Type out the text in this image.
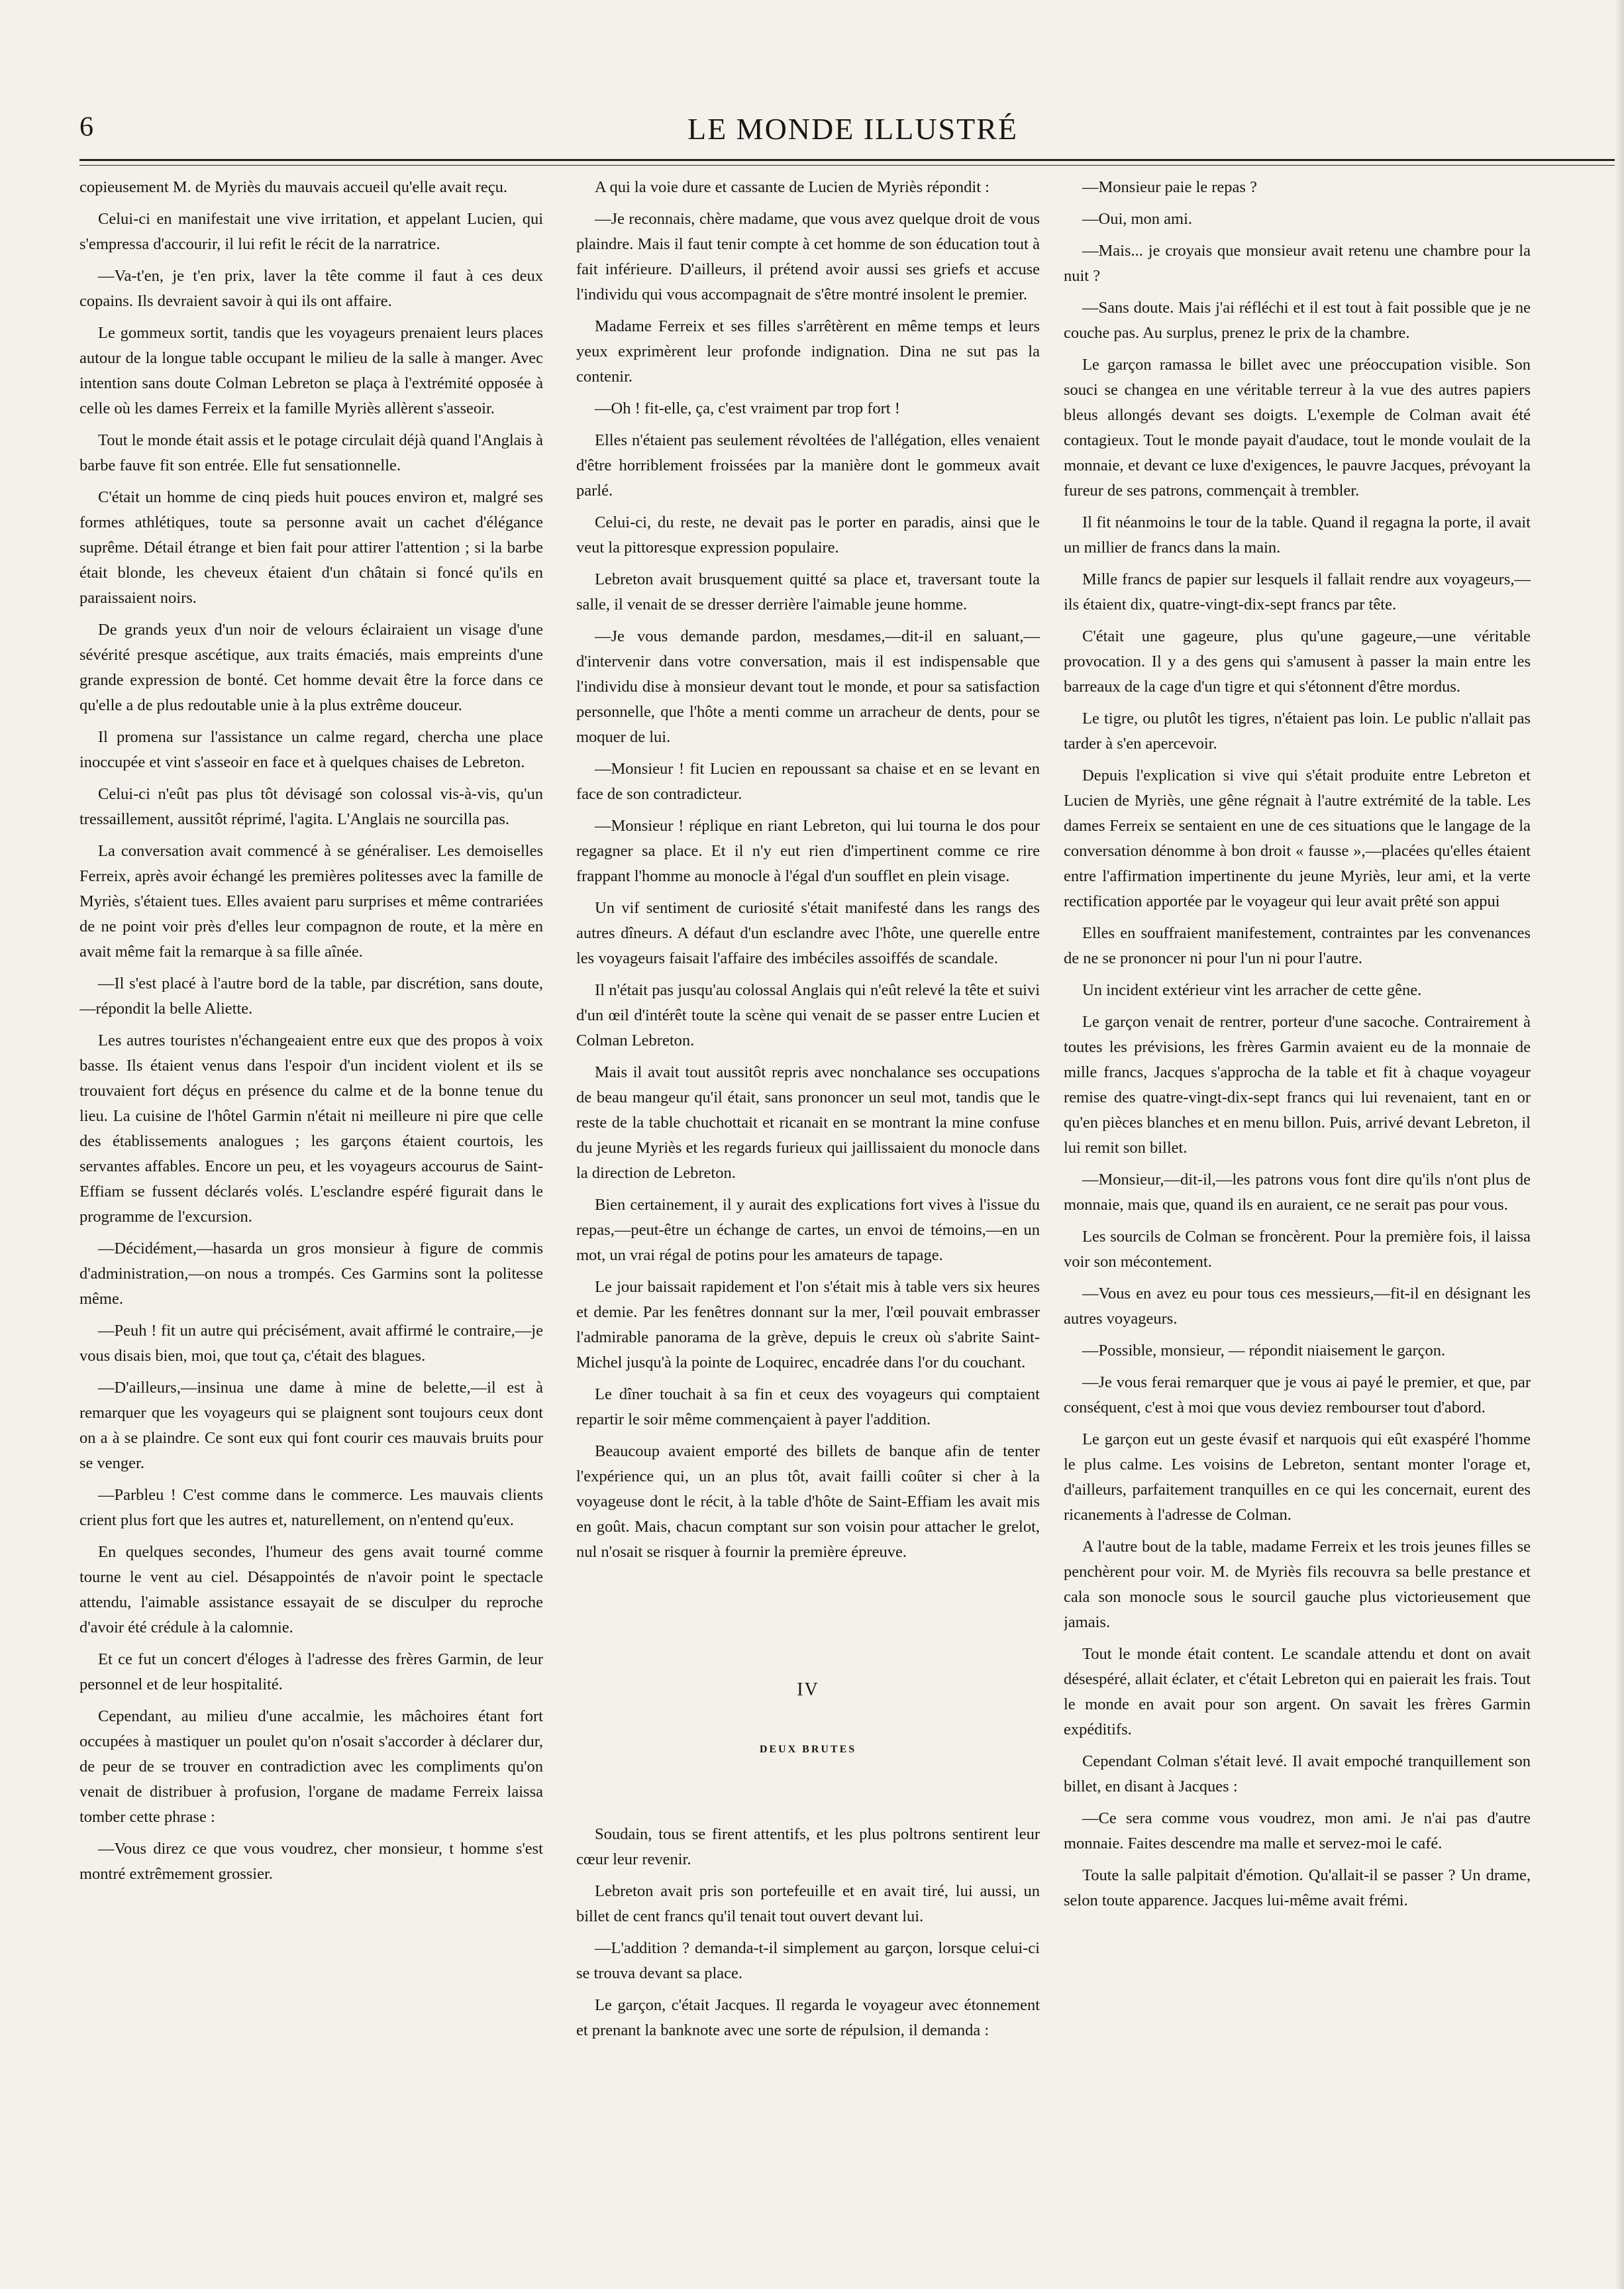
6	LE MONDE ILLUSTRÉ

copieusement M. de Myriès du mauvais accueil qu'elle avait reçu.

Celui-ci en manifestait une vive irritation, et appelant Lucien, qui s'empressa d'accourir, il lui refit le récit de la narratrice.

—Va-t'en, je t'en prix, laver la tête comme il faut à ces deux copains. Ils devraient savoir à qui ils ont affaire.

Le gommeux sortit, tandis que les voyageurs prenaient leurs places autour de la longue table occupant le milieu de la salle à manger. Avec intention sans doute Colman Lebreton se plaça à l'extrémité opposée à celle où les dames Ferreix et la famille Myriès allèrent s'asseoir.

Tout le monde était assis et le potage circulait déjà quand l'Anglais à barbe fauve fit son entrée. Elle fut sensationnelle.

C'était un homme de cinq pieds huit pouces environ et, malgré ses formes athlétiques, toute sa personne avait un cachet d'élégance suprême. Détail étrange et bien fait pour attirer l'attention ; si la barbe était blonde, les cheveux étaient d'un châtain si foncé qu'ils en paraissaient noirs.

De grands yeux d'un noir de velours éclairaient un visage d'une sévérité presque ascétique, aux traits émaciés, mais empreints d'une grande expression de bonté. Cet homme devait être la force dans ce qu'elle a de plus redoutable unie à la plus extrême douceur.

Il promena sur l'assistance un calme regard, chercha une place inoccupée et vint s'asseoir en face et à quelques chaises de Lebreton.

Celui-ci n'eût pas plus tôt dévisagé son colossal vis-à-vis, qu'un tressaillement, aussitôt réprimé, l'agita. L'Anglais ne sourcilla pas.

La conversation avait commencé à se généraliser. Les demoiselles Ferreix, après avoir échangé les premières politesses avec la famille de Myriès, s'étaient tues. Elles avaient paru surprises et même contrariées de ne point voir près d'elles leur compagnon de route, et la mère en avait même fait la remarque à sa fille aînée.

—Il s'est placé à l'autre bord de la table, par discrétion, sans doute,—répondit la belle Aliette.

Les autres touristes n'échangeaient entre eux que des propos à voix basse. Ils étaient venus dans l'espoir d'un incident violent et ils se trouvaient fort déçus en présence du calme et de la bonne tenue du lieu. La cuisine de l'hôtel Garmin n'était ni meilleure ni pire que celle des établissements analogues ; les garçons étaient courtois, les servantes affables. Encore un peu, et les voyageurs accourus de Saint-Effiam se fussent déclarés volés. L'esclandre espéré figurait dans le programme de l'excursion.

—Décidément,—hasarda un gros monsieur à figure de commis d'administration,—on nous a trompés. Ces Garmins sont la politesse même.

—Peuh ! fit un autre qui précisément, avait affirmé le contraire,—je vous disais bien, moi, que tout ça, c'était des blagues.

—D'ailleurs,—insinua une dame à mine de belette,—il est à remarquer que les voyageurs qui se plaignent sont toujours ceux dont on a à se plaindre. Ce sont eux qui font courir ces mauvais bruits pour se venger.

—Parbleu ! C'est comme dans le commerce. Les mauvais clients crient plus fort que les autres et, naturellement, on n'entend qu'eux.

En quelques secondes, l'humeur des gens avait tourné comme tourne le vent au ciel. Désappointés de n'avoir point le spectacle attendu, l'aimable assistance essayait de se disculper du reproche d'avoir été crédule à la calomnie.

Et ce fut un concert d'éloges à l'adresse des frères Garmin, de leur personnel et de leur hospitalité.

Cependant, au milieu d'une accalmie, les mâchoires étant fort occupées à mastiquer un poulet qu'on n'osait s'accorder à déclarer dur, de peur de se trouver en contradiction avec les compliments qu'on venait de distribuer à profusion, l'organe de madame Ferreix laissa tomber cette phrase :

—Vous direz ce que vous voudrez, cher monsieur, t homme s'est montré extrêmement grossier.

A qui la voie dure et cassante de Lucien de Myriès répondit :

—Je reconnais, chère madame, que vous avez quelque droit de vous plaindre. Mais il faut tenir compte à cet homme de son éducation tout à fait inférieure. D'ailleurs, il prétend avoir aussi ses griefs et accuse l'individu qui vous accompagnait de s'être montré insolent le premier.

Madame Ferreix et ses filles s'arrêtèrent en même temps et leurs yeux exprimèrent leur profonde indignation. Dina ne sut pas la contenir.

—Oh ! fit-elle, ça, c'est vraiment par trop fort !

Elles n'étaient pas seulement révoltées de l'allégation, elles venaient d'être horriblement froissées par la manière dont le gommeux avait parlé.

Celui-ci, du reste, ne devait pas le porter en paradis, ainsi que le veut la pittoresque expression populaire.

Lebreton avait brusquement quitté sa place et, traversant toute la salle, il venait de se dresser derrière l'aimable jeune homme.

—Je vous demande pardon, mesdames,—dit-il en saluant,—d'intervenir dans votre conversation, mais il est indispensable que l'individu dise à monsieur devant tout le monde, et pour sa satisfaction personnelle, que l'hôte a menti comme un arracheur de dents, pour se moquer de lui.

—Monsieur ! fit Lucien en repoussant sa chaise et en se levant en face de son contradicteur.

—Monsieur ! réplique en riant Lebreton, qui lui tourna le dos pour regagner sa place. Et il n'y eut rien d'impertinent comme ce rire frappant l'homme au monocle à l'égal d'un soufflet en plein visage.

Un vif sentiment de curiosité s'était manifesté dans les rangs des autres dîneurs. A défaut d'un esclandre avec l'hôte, une querelle entre les voyageurs faisait l'affaire des imbéciles assoiffés de scandale.

Il n'était pas jusqu'au colossal Anglais qui n'eût relevé la tête et suivi d'un œil d'intérêt toute la scène qui venait de se passer entre Lucien et Colman Lebreton.

Mais il avait tout aussitôt repris avec nonchalance ses occupations de beau mangeur qu'il était, sans prononcer un seul mot, tandis que le reste de la table chuchottait et ricanait en se montrant la mine confuse du jeune Myriès et les regards furieux qui jaillissaient du monocle dans la direction de Lebreton.

Bien certainement, il y aurait des explications fort vives à l'issue du repas,—peut-être un échange de cartes, un envoi de témoins,—en un mot, un vrai régal de potins pour les amateurs de tapage.

Le jour baissait rapidement et l'on s'était mis à table vers six heures et demie. Par les fenêtres donnant sur la mer, l'œil pouvait embrasser l'admirable panorama de la grève, depuis le creux où s'abrite Saint-Michel jusqu'à la pointe de Loquirec, encadrée dans l'or du couchant.

Le dîner touchait à sa fin et ceux des voyageurs qui comptaient repartir le soir même commençaient à payer l'addition.

Beaucoup avaient emporté des billets de banque afin de tenter l'expérience qui, un an plus tôt, avait failli coûter si cher à la voyageuse dont le récit, à la table d'hôte de Saint-Effiam les avait mis en goût. Mais, chacun comptant sur son voisin pour attacher le grelot, nul n'osait se risquer à fournir la première épreuve.

IV
DEUX BRUTES

Soudain, tous se firent attentifs, et les plus poltrons sentirent leur cœur leur revenir.

Lebreton avait pris son portefeuille et en avait tiré, lui aussi, un billet de cent francs qu'il tenait tout ouvert devant lui.

—L'addition ? demanda-t-il simplement au garçon, lorsque celui-ci se trouva devant sa place.

Le garçon, c'était Jacques. Il regarda le voyageur avec étonnement et prenant la banknote avec une sorte de répulsion, il demanda :

—Monsieur paie le repas ?

—Oui, mon ami.

—Mais... je croyais que monsieur avait retenu une chambre pour la nuit ?

—Sans doute. Mais j'ai réfléchi et il est tout à fait possible que je ne couche pas. Au surplus, prenez le prix de la chambre.

Le garçon ramassa le billet avec une préoccupation visible. Son souci se changea en une véritable terreur à la vue des autres papiers bleus allongés devant ses doigts. L'exemple de Colman avait été contagieux. Tout le monde payait d'audace, tout le monde voulait de la monnaie, et devant ce luxe d'exigences, le pauvre Jacques, prévoyant la fureur de ses patrons, commençait à trembler.

Il fit néanmoins le tour de la table. Quand il regagna la porte, il avait un millier de francs dans la main.

Mille francs de papier sur lesquels il fallait rendre aux voyageurs,—ils étaient dix, quatre-vingt-dix-sept francs par tête.

C'était une gageure, plus qu'une gageure,—une véritable provocation. Il y a des gens qui s'amusent à passer la main entre les barreaux de la cage d'un tigre et qui s'étonnent d'être mordus.

Le tigre, ou plutôt les tigres, n'étaient pas loin. Le public n'allait pas tarder à s'en apercevoir.

Depuis l'explication si vive qui s'était produite entre Lebreton et Lucien de Myriès, une gêne régnait à l'autre extrémité de la table. Les dames Ferreix se sentaient en une de ces situations que le langage de la conversation dénomme à bon droit « fausse »,—placées qu'elles étaient entre l'affirmation impertinente du jeune Myriès, leur ami, et la verte rectification apportée par le voyageur qui leur avait prêté son appui

Elles en souffraient manifestement, contraintes par les convenances de ne se prononcer ni pour l'un ni pour l'autre.

Un incident extérieur vint les arracher de cette gêne.

Le garçon venait de rentrer, porteur d'une sacoche. Contrairement à toutes les prévisions, les frères Garmin avaient eu de la monnaie de mille francs, Jacques s'approcha de la table et fit à chaque voyageur remise des quatre-vingt-dix-sept francs qui lui revenaient, tant en or qu'en pièces blanches et en menu billon. Puis, arrivé devant Lebreton, il lui remit son billet.

—Monsieur,—dit-il,—les patrons vous font dire qu'ils n'ont plus de monnaie, mais que, quand ils en auraient, ce ne serait pas pour vous.

Les sourcils de Colman se froncèrent. Pour la première fois, il laissa voir son mécontement.

—Vous en avez eu pour tous ces messieurs,—fit-il en désignant les autres voyageurs.

—Possible, monsieur, — répondit niaisement le garçon.

—Je vous ferai remarquer que je vous ai payé le premier, et que, par conséquent, c'est à moi que vous deviez rembourser tout d'abord.

Le garçon eut un geste évasif et narquois qui eût exaspéré l'homme le plus calme. Les voisins de Lebreton, sentant monter l'orage et, d'ailleurs, parfaitement tranquilles en ce qui les concernait, eurent des ricanements à l'adresse de Colman.

A l'autre bout de la table, madame Ferreix et les trois jeunes filles se penchèrent pour voir. M. de Myriès fils recouvra sa belle prestance et cala son monocle sous le sourcil gauche plus victorieusement que jamais.

Tout le monde était content. Le scandale attendu et dont on avait désespéré, allait éclater, et c'était Lebreton qui en paierait les frais. Tout le monde en avait pour son argent. On savait les frères Garmin expéditifs.

Cependant Colman s'était levé. Il avait empoché tranquillement son billet, en disant à Jacques :

—Ce sera comme vous voudrez, mon ami. Je n'ai pas d'autre monnaie. Faites descendre ma malle et servez-moi le café.

Toute la salle palpitait d'émotion. Qu'allait-il se passer ? Un drame, selon toute apparence. Jacques lui-même avait frémi.
